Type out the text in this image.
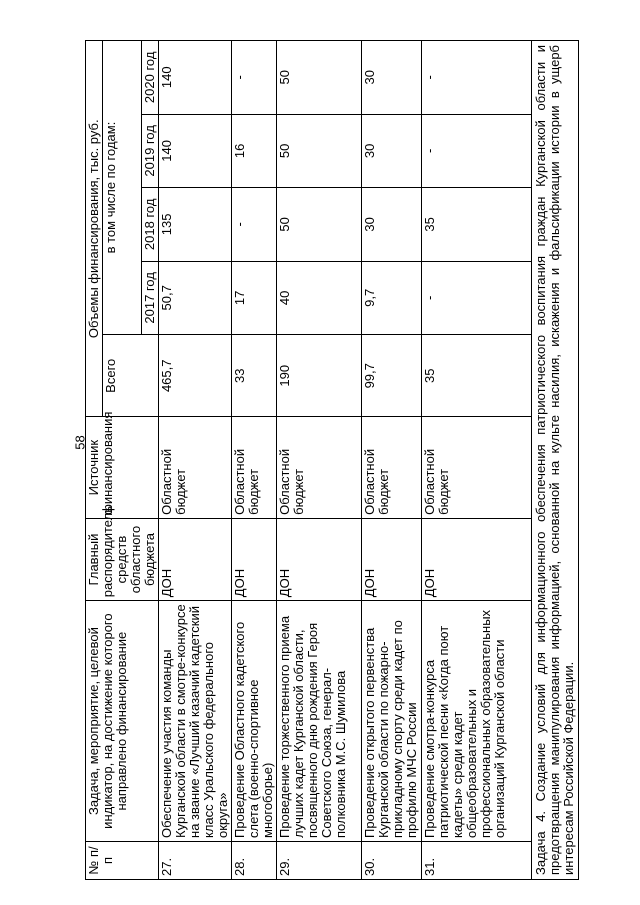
58
№ п/п	Задача, мероприятие, целевой индикатор, на достижение которого направлено финансирование	Главный распорядитель средств областного бюджета	Источник финансирования	Объемы финансирования, тыс. руб.				
				Всего	в том числе по годам:			
					2017 год	2018 год	2019 год	2020 год
27.	Обеспечение участия команды Курганской области в смотре-конкурсе на звание «Лучший казачий кадетский класс Уральского федерального округа»	ДОН	Областной бюджет	465,7	50,7	135	140	140
28.	Проведение Областного кадетского слета (военно-спортивное многоборье)	ДОН	Областной бюджет	33	17	-	16	-
29.	Проведение торжественного приема лучших кадет Курганской области, посвященного дню рождения Героя Советского Союза, генерал-полковника М.С. Шумилова	ДОН	Областной бюджет	190	40	50	50	50
30.	Проведение открытого первенства Курганской области по пожарно-прикладному спорту среди кадет по профилю МЧС России	ДОН	Областной бюджет	99,7	9,7	30	30	30
31.	Проведение смотра-конкурса патриотической песни «Когда поют кадеты» среди кадет общеобразовательных и профессиональных образовательных организаций Курганской области	ДОН	Областной бюджет	35	-	35	-	-
Задача 4. Создание условий для информационного обеспечения патриотического воспитания граждан Курганской области и предотвращения манипулирования информацией, основанной на культе насилия, искажения и фальсификации истории в ущерб интересам Российской Федерации.								
